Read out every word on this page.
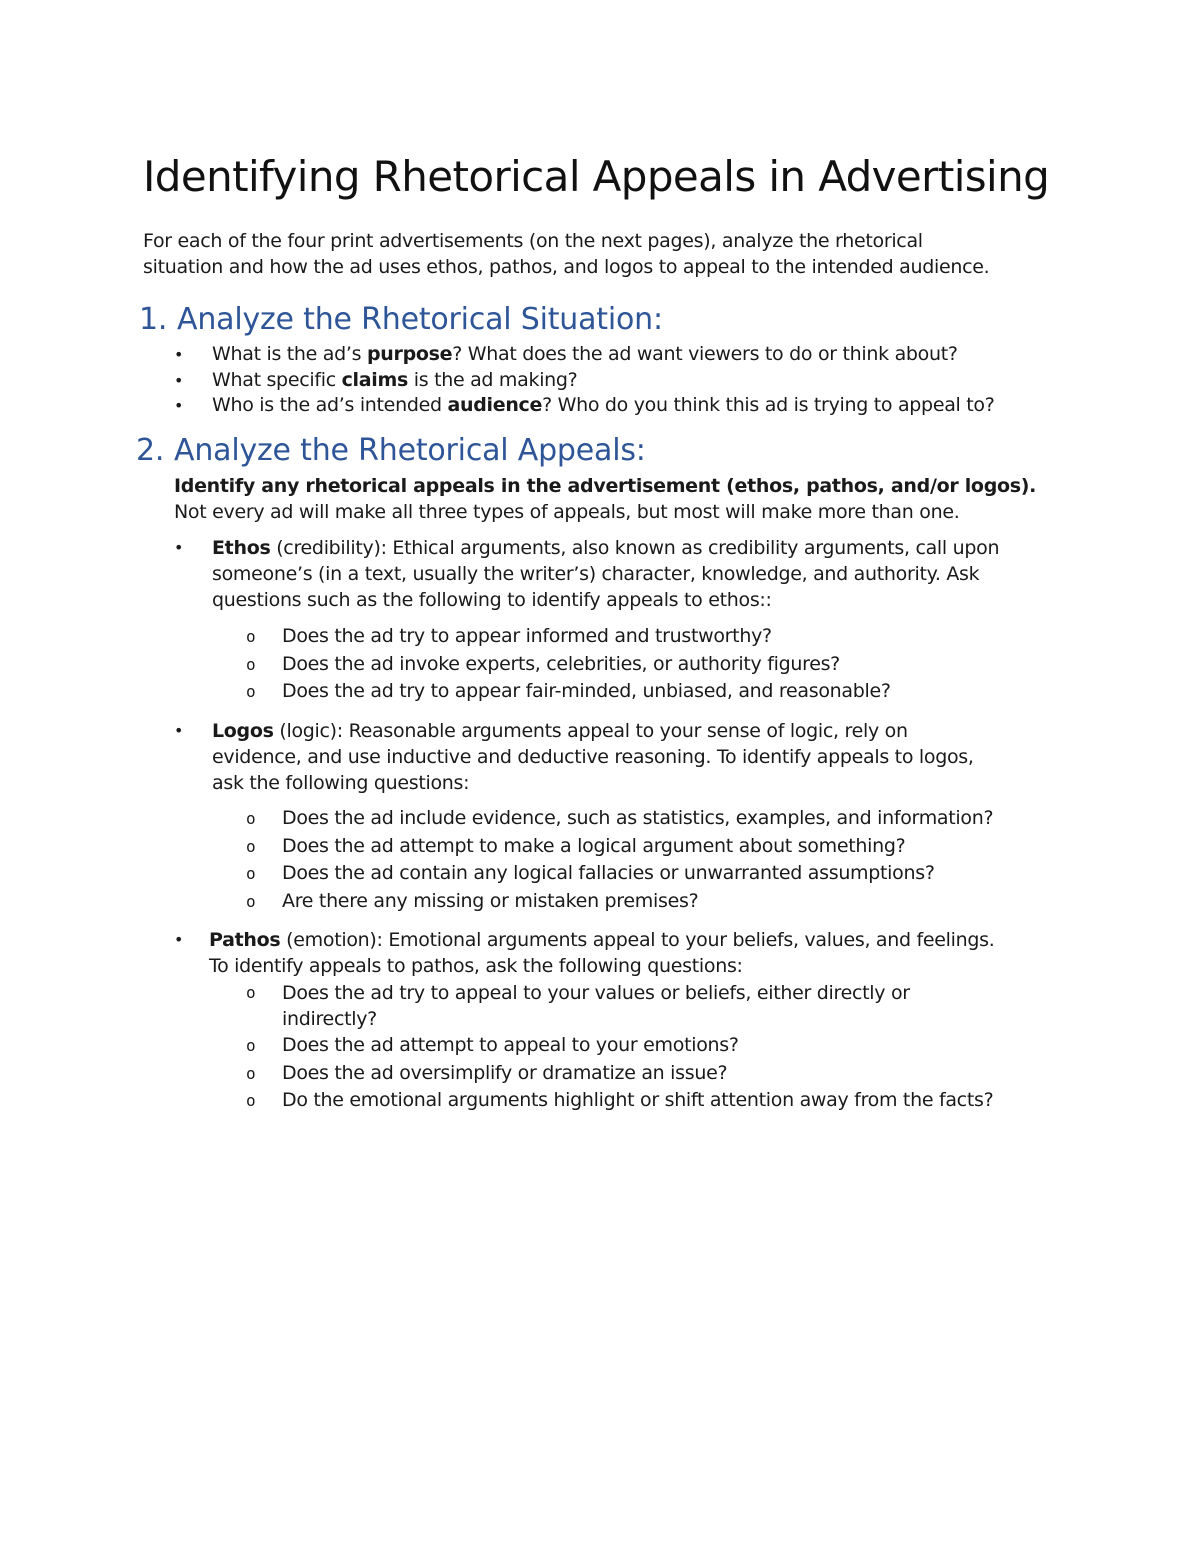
Identifying Rhetorical Appeals in Advertising

For each of the four print advertisements (on the next pages), analyze the rhetorical
situation and how the ad uses ethos, pathos, and logos to appeal to the intended audience.

1. Analyze the Rhetorical Situation:
• What is the ad’s purpose? What does the ad want viewers to do or think about?
• What specific claims is the ad making?
• Who is the ad’s intended audience? Who do you think this ad is trying to appeal to?
2. Analyze the Rhetorical Appeals:

Identify any rhetorical appeals in the advertisement (ethos, pathos, and/or logos).
Not every ad will make all three types of appeals, but most will make more than one.

• Ethos (credibility): Ethical arguments, also known as credibility arguments, call upon
someone’s (in a text, usually the writer’s) character, knowledge, and authority. Ask
questions such as the following to identify appeals to ethos::

o Does the ad try to appear informed and trustworthy?
o Does the ad invoke experts, celebrities, or authority figures?
o Does the ad try to appear fair-minded, unbiased, and reasonable?

• Logos (logic): Reasonable arguments appeal to your sense of logic, rely on
evidence, and use inductive and deductive reasoning. To identify appeals to logos,
ask the following questions:

o Does the ad include evidence, such as statistics, examples, and information?
o Does the ad attempt to make a logical argument about something?
o Does the ad contain any logical fallacies or unwarranted assumptions?
o Are there any missing or mistaken premises?

• Pathos (emotion): Emotional arguments appeal to your beliefs, values, and feelings.
To identify appeals to pathos, ask the following questions:

o Does the ad try to appeal to your values or beliefs, either directly or
indirectly?
o Does the ad attempt to appeal to your emotions?
o Does the ad oversimplify or dramatize an issue?
o Do the emotional arguments highlight or shift attention away from the facts?
